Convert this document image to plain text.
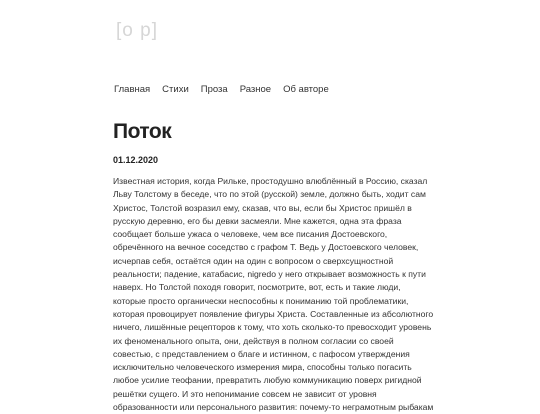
[o p]
Главная Стихи Проза Разное Об авторе
Поток
01.12.2020

Известная история, когда Рильке, простодушно влюблённый в Россию, сказал Льву Толстому в беседе, что по этой (русской) земле, должно быть, ходит сам Христос, Толстой возразил ему, сказав, что вы, если бы Христос пришёл в русскую деревню, его бы девки засмеяли. Мне кажется, одна эта фраза сообщает больше ужаса о человеке, чем все писания Достоевского, обречённого на вечное соседство с графом Т. Ведь у Достоевского человек, исчерпав себя, остаётся один на один с вопросом о сверхсущностной реальности; падение, катабасис, nigredo у него открывает возможность к пути наверх. Но Толстой походя говорит, посмотрите, вот, есть и такие люди, которые просто органически неспособны к пониманию той проблематики, которая провоцирует появление фигуры Христа. Составленные из абсолютного ничего, лишённые рецепторов к тому, что хоть сколько-то превосходит уровень их феноменального опыта, они, действуя в полном согласии со своей совестью, с представлением о благе и истинном, с пафосом утверждения исключительно человеческого измерения мира, способны только погасить любое усилие теофании, превратить любую коммуникацию поверх ригидной решётки сущего. И это непонимание совсем не зависит от уровня образованности или персонального развития: почему-то неграмотным рыбакам
